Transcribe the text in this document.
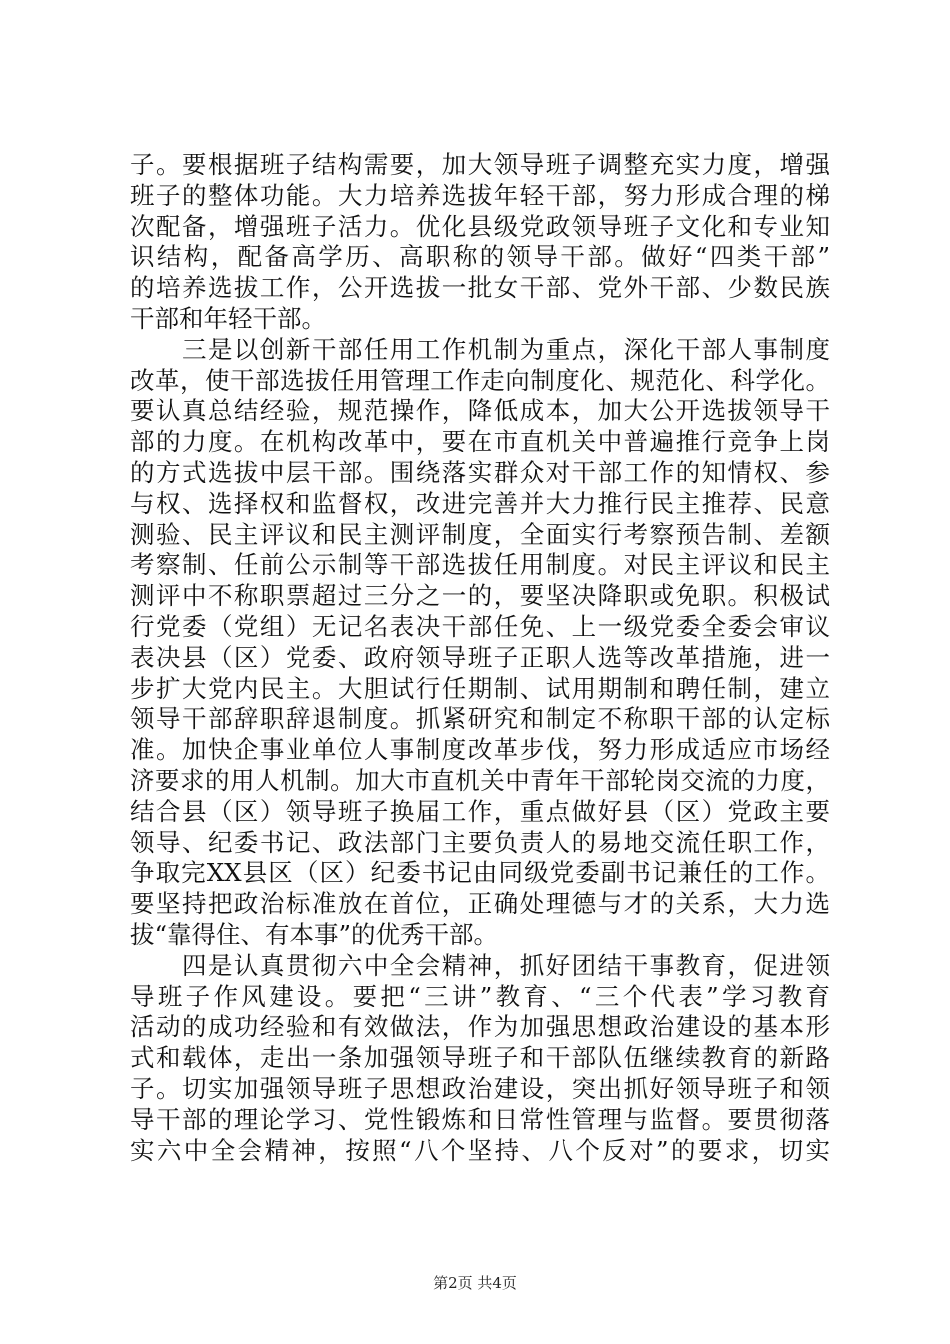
子。要根据班子结构需要，加大领导班子调整充实力度，增强
班子的整体功能。大力培养选拔年轻干部，努力形成合理的梯
次配备，增强班子活力。优化县级党政领导班子文化和专业知
识结构，配备高学历、高职称的领导干部。做好“四类干部”
的培养选拔工作，公开选拔一批女干部、党外干部、少数民族
干部和年轻干部。
　　三是以创新干部任用工作机制为重点，深化干部人事制度
改革，使干部选拔任用管理工作走向制度化、规范化、科学化。
要认真总结经验，规范操作，降低成本，加大公开选拔领导干
部的力度。在机构改革中，要在市直机关中普遍推行竞争上岗
的方式选拔中层干部。围绕落实群众对干部工作的知情权、参
与权、选择权和监督权，改进完善并大力推行民主推荐、民意
测验、民主评议和民主测评制度，全面实行考察预告制、差额
考察制、任前公示制等干部选拔任用制度。对民主评议和民主
测评中不称职票超过三分之一的，要坚决降职或免职。积极试
行党委（党组）无记名表决干部任免、上一级党委全委会审议
表决县（区）党委、政府领导班子正职人选等改革措施，进一
步扩大党内民主。大胆试行任期制、试用期制和聘任制，建立
领导干部辞职辞退制度。抓紧研究和制定不称职干部的认定标
准。加快企事业单位人事制度改革步伐，努力形成适应市场经
济要求的用人机制。加大市直机关中青年干部轮岗交流的力度，
结合县（区）领导班子换届工作，重点做好县（区）党政主要
领导、纪委书记、政法部门主要负责人的易地交流任职工作，
争取完XX县区（区）纪委书记由同级党委副书记兼任的工作。
要坚持把政治标准放在首位，正确处理德与才的关系，大力选
拔“靠得住、有本事”的优秀干部。
　　四是认真贯彻六中全会精神，抓好团结干事教育，促进领
导班子作风建设。要把“三讲”教育、“三个代表”学习教育
活动的成功经验和有效做法，作为加强思想政治建设的基本形
式和载体，走出一条加强领导班子和干部队伍继续教育的新路
子。切实加强领导班子思想政治建设，突出抓好领导班子和领
导干部的理论学习、党性锻炼和日常性管理与监督。要贯彻落
实六中全会精神，按照“八个坚持、八个反对”的要求，切实
第2页 共4页
